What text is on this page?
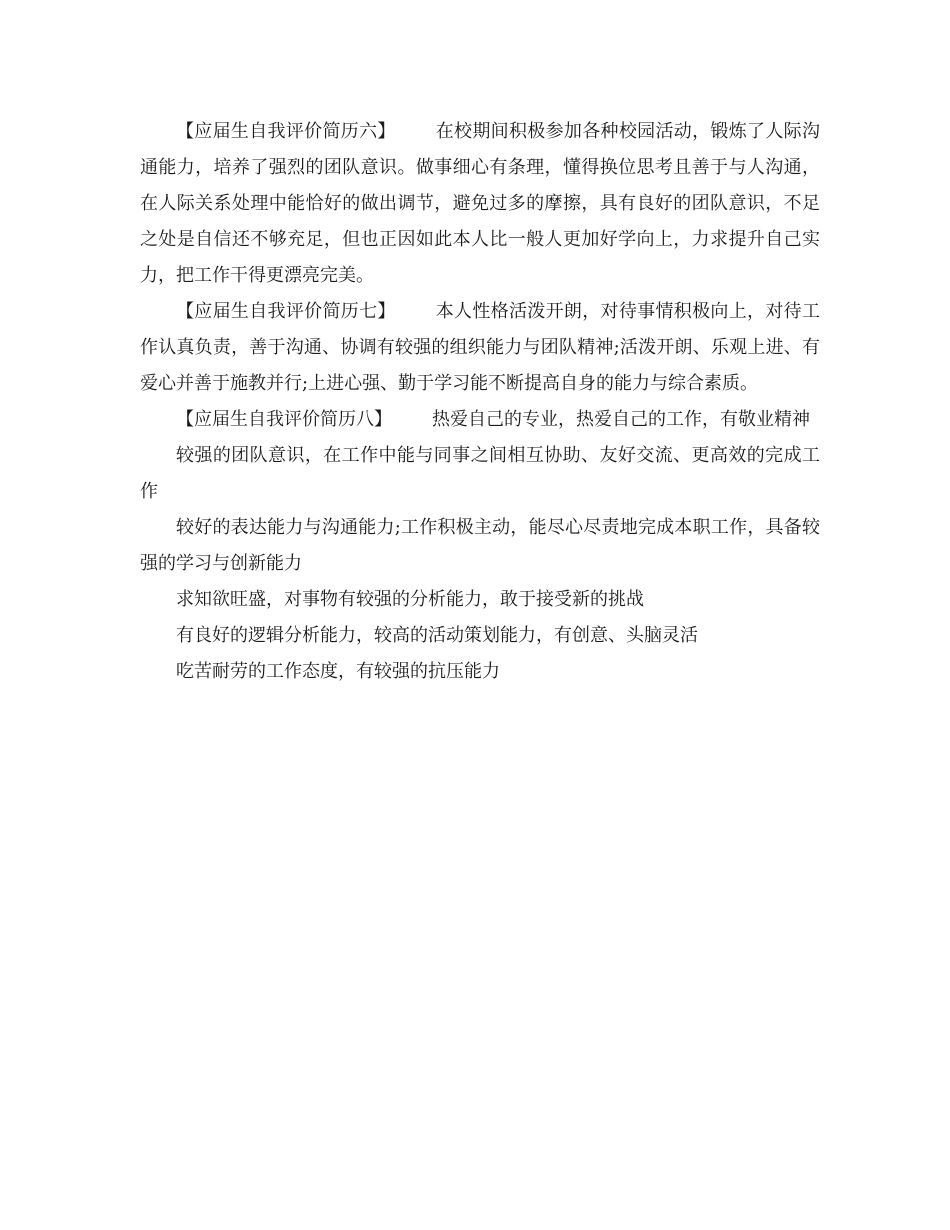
【应届生自我评价简历六】 在校期间积极参加各种校园活动，锻炼了人际沟通能力，培养了强烈的团队意识。做事细心有条理，懂得换位思考且善于与人沟通，在人际关系处理中能恰好的做出调节，避免过多的摩擦，具有良好的团队意识，不足之处是自信还不够充足，但也正因如此本人比一般人更加好学向上，力求提升自己实力，把工作干得更漂亮完美。

【应届生自我评价简历七】 本人性格活泼开朗，对待事情积极向上，对待工作认真负责，善于沟通、协调有较强的组织能力与团队精神;活泼开朗、乐观上进、有爱心并善于施教并行;上进心强、勤于学习能不断提高自身的能力与综合素质。

【应届生自我评价简历八】 热爱自己的专业，热爱自己的工作，有敬业精神

较强的团队意识，在工作中能与同事之间相互协助、友好交流、更高效的完成工作

较好的表达能力与沟通能力;工作积极主动，能尽心尽责地完成本职工作，具备较强的学习与创新能力

求知欲旺盛，对事物有较强的分析能力，敢于接受新的挑战

有良好的逻辑分析能力，较高的活动策划能力，有创意、头脑灵活

吃苦耐劳的工作态度，有较强的抗压能力
